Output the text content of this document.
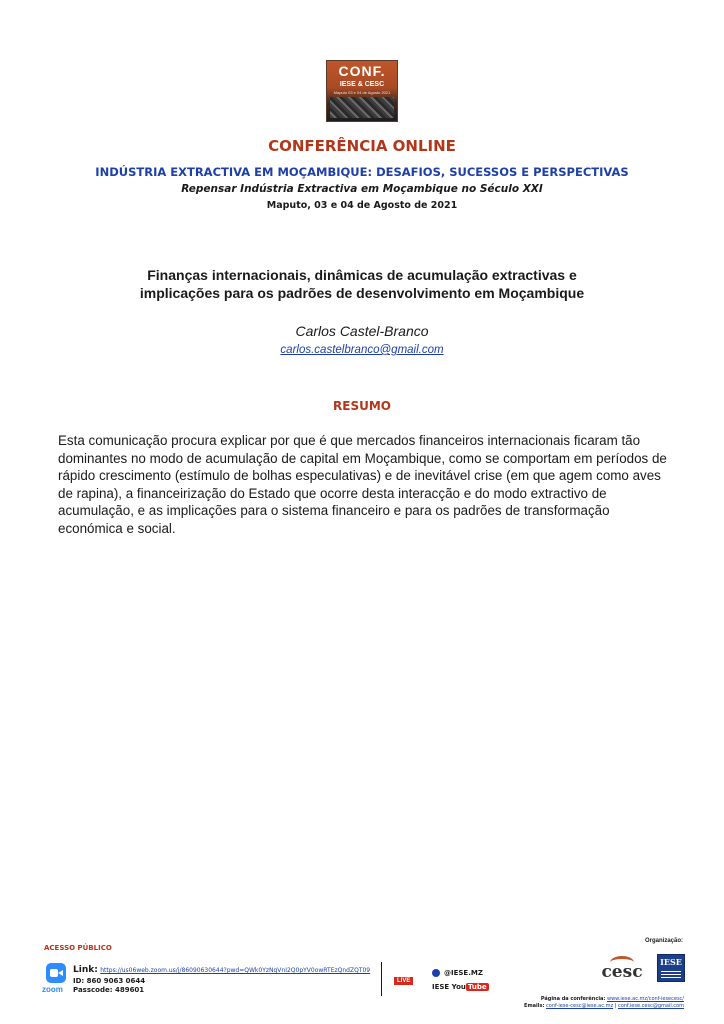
CONF.
IESE & CESC
Maputo 03 e 04 de Agosto 2021
CONFERÊNCIA ONLINE
INDÚSTRIA EXTRACTIVA EM MOÇAMBIQUE: DESAFIOS, SUCESSOS E PERSPECTIVAS
Repensar Indústria Extractiva em Moçambique no Século XXI
Maputo, 03 e 04 de Agosto de 2021
Finanças internacionais, dinâmicas de acumulação extractivas e
implicações para os padrões de desenvolvimento em Moçambique
Carlos Castel-Branco
carlos.castelbranco@gmail.com
RESUMO
Esta comunicação procura explicar por que é que mercados financeiros internacionais ficaram tão dominantes no modo de acumulação de capital em Moçambique, como se comportam em períodos de rápido crescimento (estímulo de bolhas especulativas) e de inevitável crise (em que agem como aves de rapina), a financeirização do Estado que ocorre desta interacção e do modo extractivo de acumulação, e as implicações para o sistema financeiro e para os padrões de transformação económica e social.
ACESSO PÚBLICO
zoom
Link: https://us06web.zoom.us/j/86090630644?pwd=QWk0YzNqVnI2Q0pYV0owRTEzQndZQT09
ID: 860 9063 0644
Passcode: 489601
LIVE
@IESE.MZ
IESE You Tube
Organização:
cesc IESE
Página da conferência: www.iese.ac.mz/conf-iesecesc/
Emails: conf-iese-cesc@iese.ac.mz | conf.iese.cesc@gmail.com
